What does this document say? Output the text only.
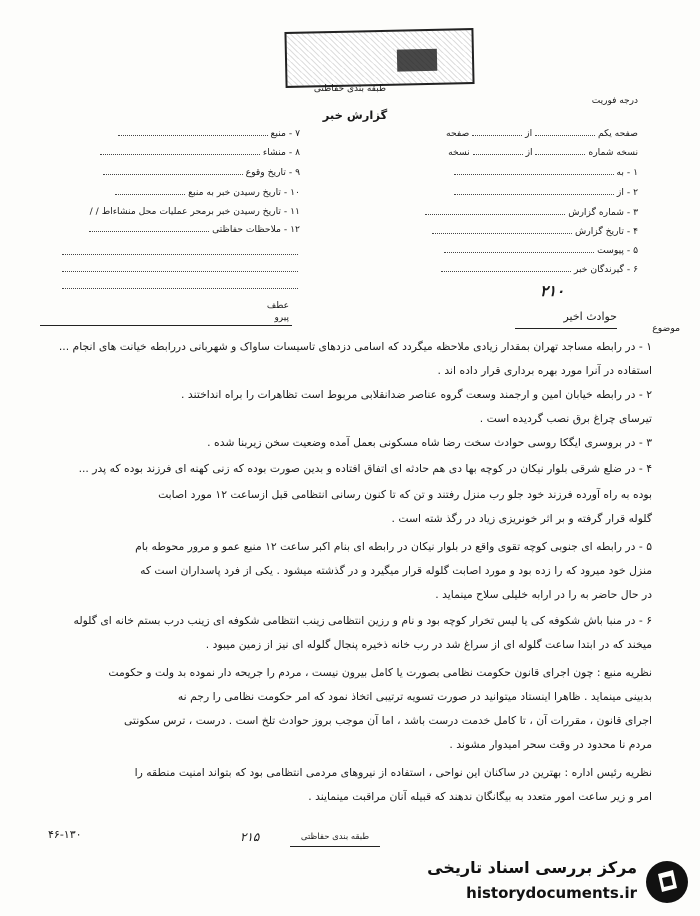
طبقه بندی حفاظتی
درجه فوریت
گزارش خبر
صفحه یکم  از  صفحه
نسخه شماره  از  نسخه
۱ - به
۲ - از
۳ - شماره گزارش
۴ - تاریخ گزارش
۵ - پیوست
۶ - گیرندگان خبر
۷ - منبع
۸ - منشاء
۹ - تاریخ وقوع
۱۰ - تاریخ رسیدن خبر به منبع
۱۱ - تاریخ رسیدن خبر برمحر عملیات محل منشاءاط / /
۱۲ - ملاحظات حفاظتی
۲۱۰
موضوع
حوادث اخیر
عطف پیرو
۱ - در رابطه مساجد تهران بمقدار زیادی ملاحظه میگردد که اسامی دزدهای تاسیسات ساواک و شهربانی دررابطه خیانت های انجام ...
استفاده در آنرا مورد بهره برداری قرار داده اند .
۲ - در رابطه خیابان امین و ارجمند وسعت گروه عناصر ضدانقلابی مربوط است تظاهرات را براه انداختند .
تیرسای چراغ برق نصب گردیده است .
۳ - در بروسری ایگکا روسی حوادث سخت رضا شاه مسکونی بعمل آمده وضعیت سخن زیربنا شده .
۴ - در ضلع شرقی بلوار نیکان در کوچه بها دی هم حادثه ای اتفاق افتاده و بدین صورت بوده که زنی کهنه ای فرزند بوده که پدر ...
بوده به راه آورده فرزند خود جلو رب منزل رفتند و تن که تا کنون رسانی انتظامی قبل ازساعت ۱۲ مورد اصابت
گلوله قرار گرفته و بر اثر خونریزی زیاد در رگذ شته است .
۵ - در رابطه ای جنوبی کوچه تقوی واقع در بلوار نیکان در رابطه ای بنام اکبر ساعت ۱۲ منبع عمو و مرور محوطه بام
منزل خود میرود که را زده بود و مورد اصابت گلوله قرار میگیرد و در گذشته میشود . یکی از فرد پاسداران است که
در حال حاضر به را در ارابه خلیلی سلاح مینماید .
۶ - در منبا باش شکوفه کی یا لیس تخرار کوچه بود و نام و رزین انتظامی زینب انتظامی شکوفه ای زینب درب بستم خانه ای گلوله
میخند که در ابتدا ساعت گلوله ای از سراغ شد در رب خانه ذخیره پنجال گلوله ای نیز از زمین میبود .
نظریه منبع : چون اجرای قانون حکومت نظامی بصورت یا کامل بیرون نیست ، مردم را جریحه دار نموده بد ولت و حکومت
بدبینی مینماید . ظاهرا اینستاد میتوانید در صورت تسویه ترتیبی اتخاذ نمود که امر حکومت نظامی را رجم نه
اجرای قانون ، مقررات آن ، تا کامل خدمت درست باشد ، اما آن موجب بروز حوادث تلخ است . درست ، ترس سکونتی
مردم نا محدود در وقت سحر امیدوار مشوند .
نظریه رئیس اداره : بهترین در ساکنان این نواحی ، استفاده از نیروهای مردمی انتظامی بود که بتواند امنیت منطقه را
امر و زیر ساعت امور متعدد به بیگانگان ندهند که قبیله آنان مراقبت مینمایند .
۴۶-۱۳۰	۲۱۵	طبقه بندی حفاظتی
مرکز بررسی اسناد تاریخی
historydocuments.ir
